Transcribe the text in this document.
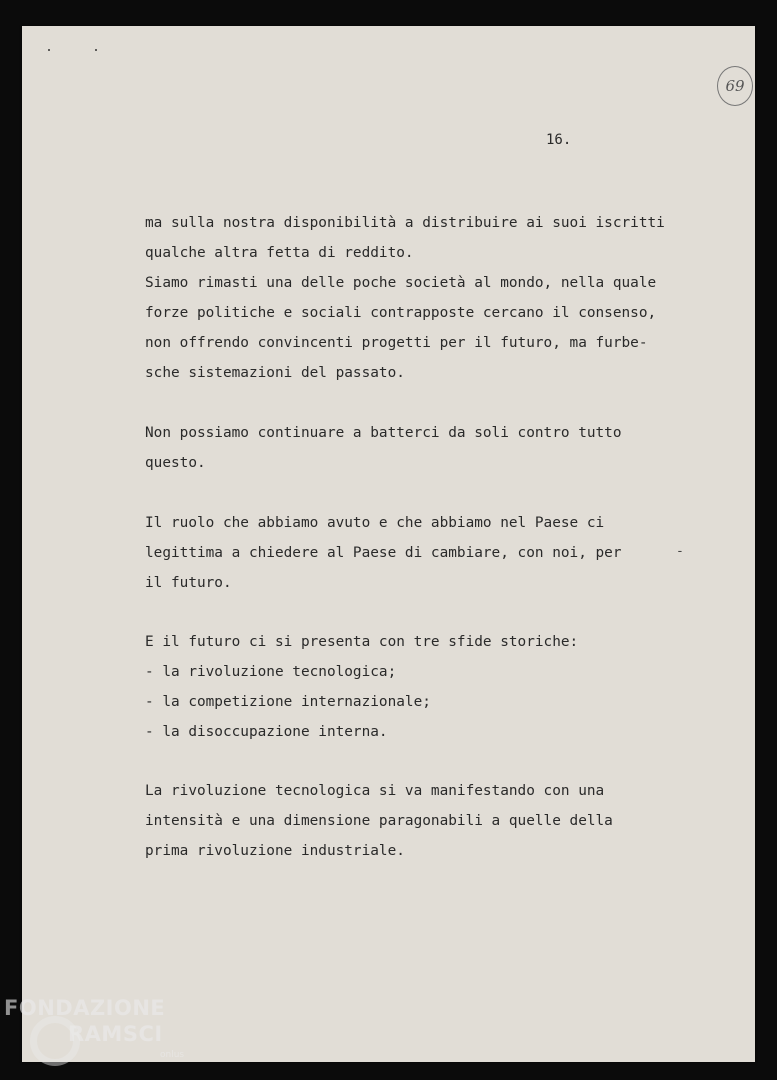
69
16.
ma sulla nostra disponibilità a distribuire ai suoi iscritti
qualche altra fetta di reddito.
Siamo rimasti una delle poche società al mondo, nella quale
forze politiche e sociali contrapposte cercano il consenso,
non offrendo convincenti progetti per il futuro, ma furbe-
sche sistemazioni del passato.
Non possiamo continuare a batterci da soli contro tutto
questo.
Il ruolo che abbiamo avuto e che abbiamo nel Paese ci
legittima a chiedere al Paese di cambiare, con noi, per
il futuro.
E il futuro ci si presenta con tre sfide storiche:
- la rivoluzione tecnologica;
- la competizione internazionale;
- la disoccupazione interna.
La rivoluzione tecnologica si va manifestando con una
intensità e una dimensione paragonabili a quelle della
prima rivoluzione industriale.
-
FONDAZIONE
RAMSCI
onlus
